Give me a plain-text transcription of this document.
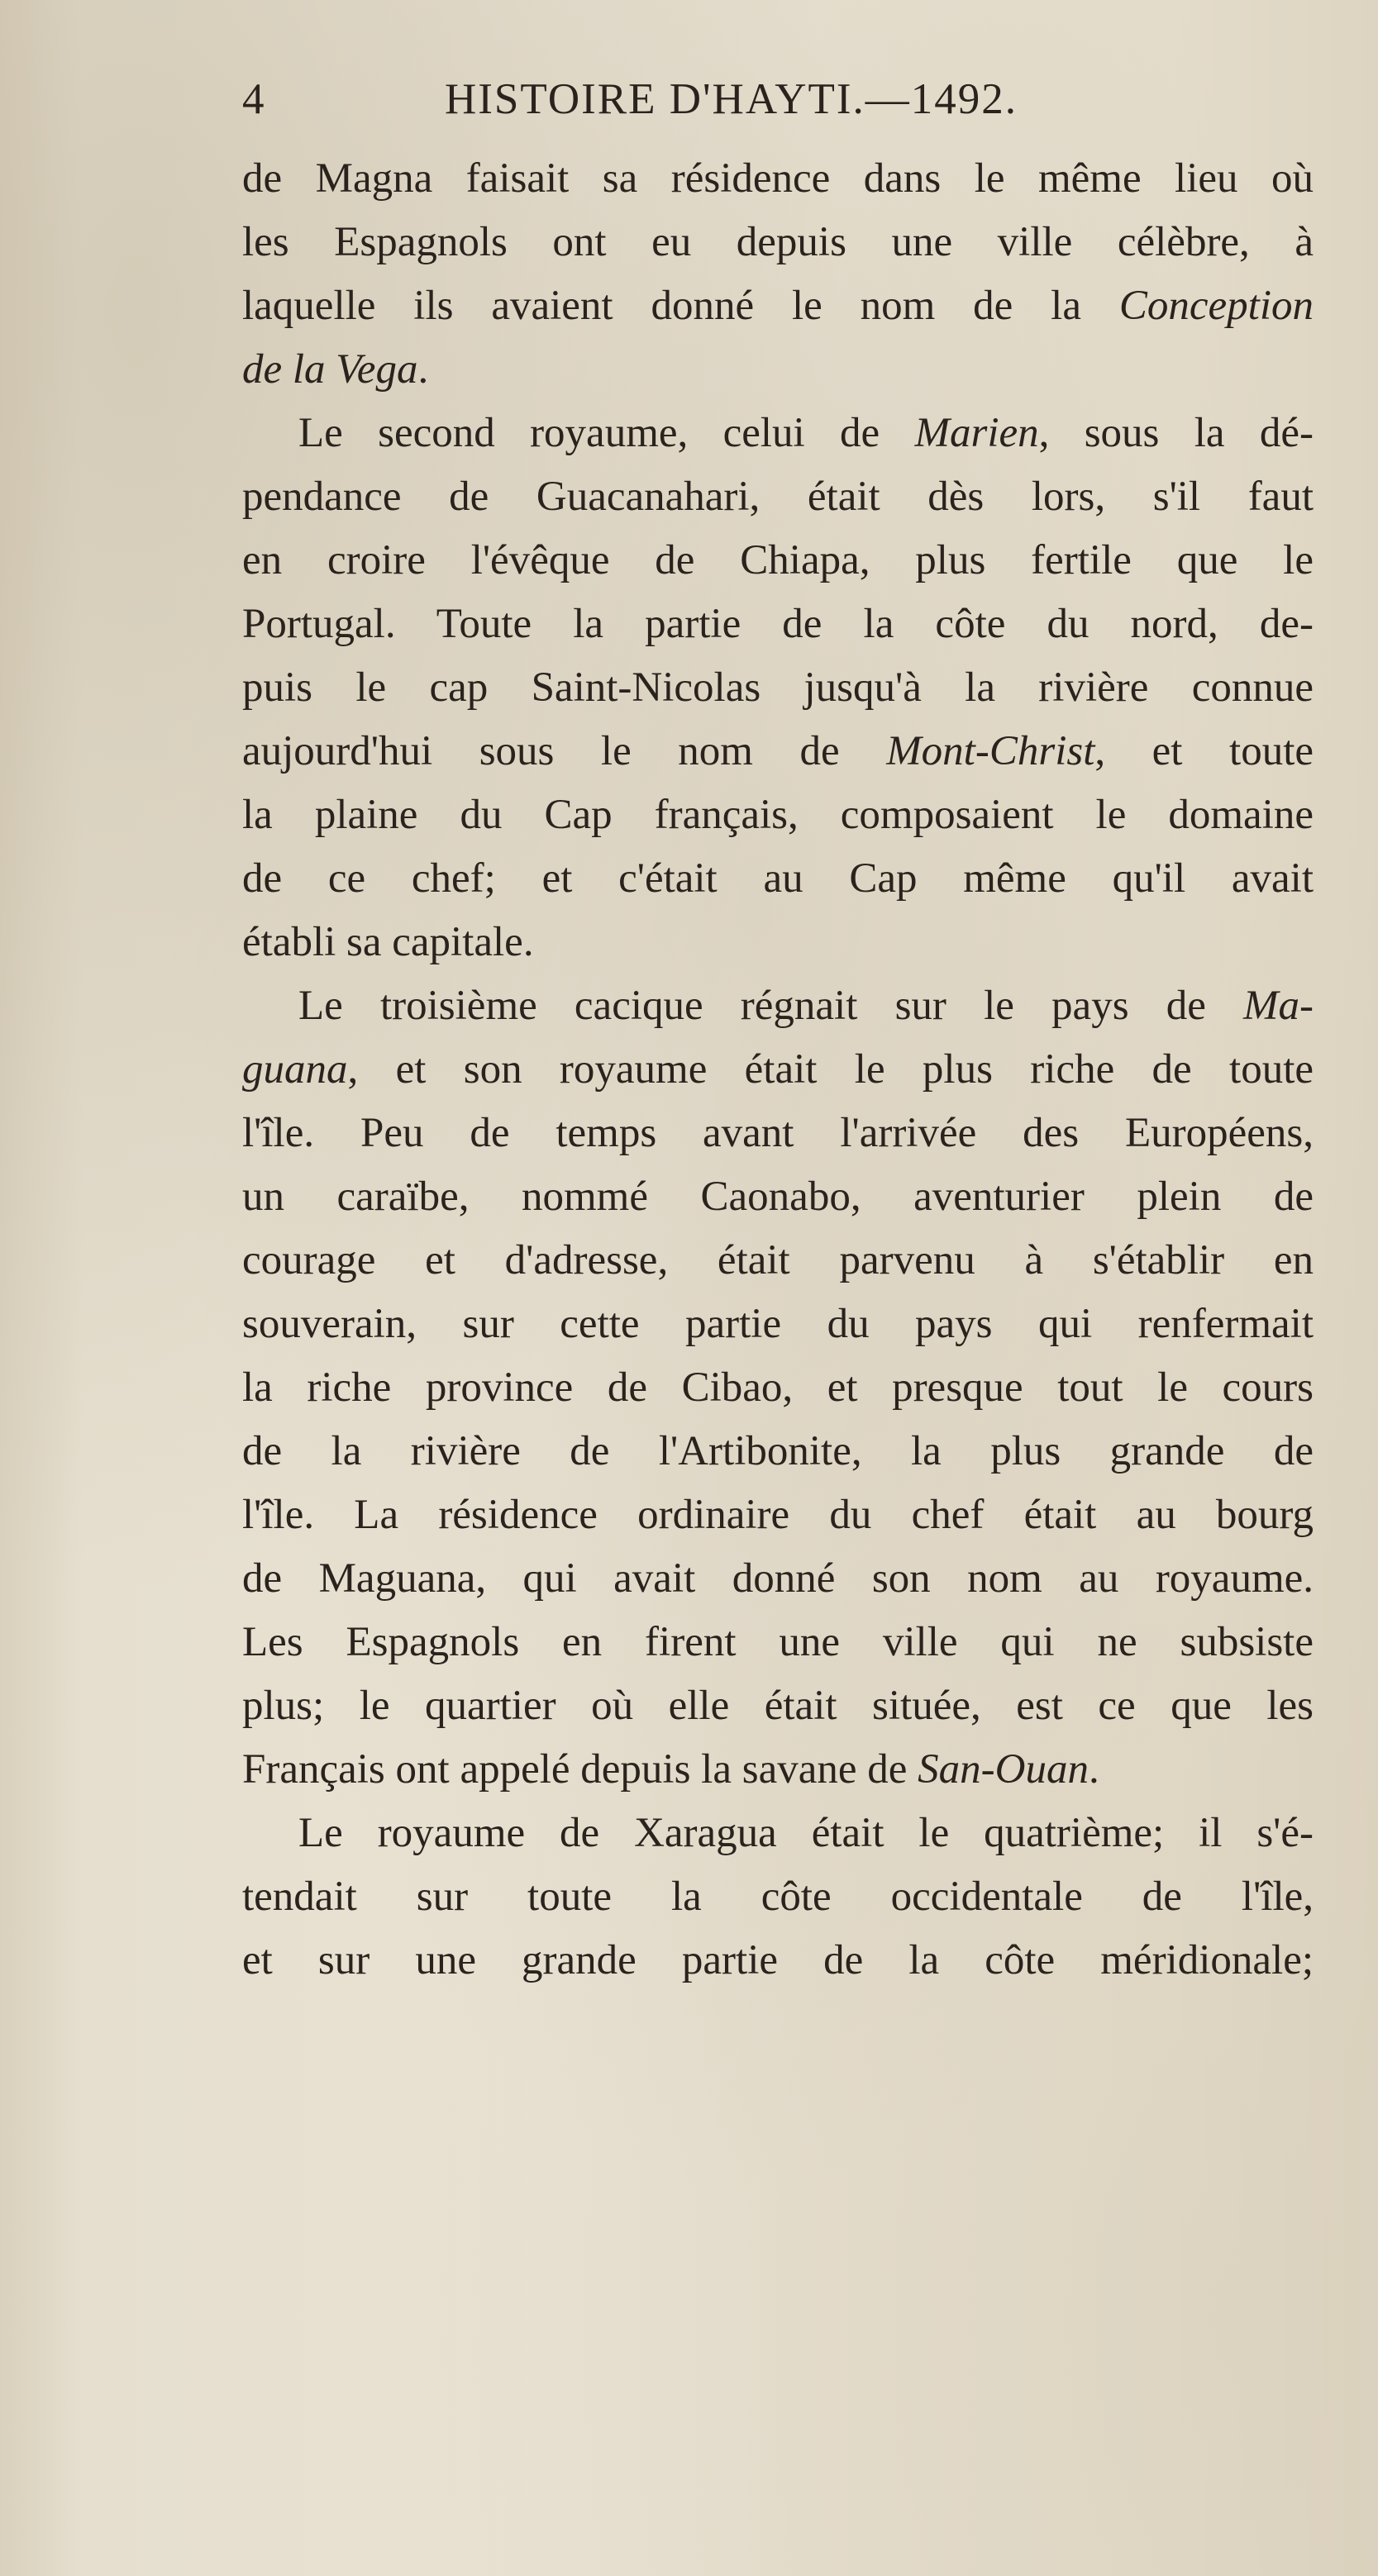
4	HISTOIRE D'HAYTI.—1492.
de Magna faisait sa résidence dans le même lieu où
les Espagnols ont eu depuis une ville célèbre, à
laquelle ils avaient donné le nom de la Conception
de la Vega.
Le second royaume, celui de Marien, sous la dé-
pendance de Guacanahari, était dès lors, s'il faut
en croire l'évêque de Chiapa, plus fertile que le
Portugal. Toute la partie de la côte du nord, de-
puis le cap Saint-Nicolas jusqu'à la rivière connue
aujourd'hui sous le nom de Mont-Christ, et toute
la plaine du Cap français, composaient le domaine
de ce chef; et c'était au Cap même qu'il avait
établi sa capitale.
Le troisième cacique régnait sur le pays de Ma-
guana, et son royaume était le plus riche de toute
l'île. Peu de temps avant l'arrivée des Européens,
un caraïbe, nommé Caonabo, aventurier plein de
courage et d'adresse, était parvenu à s'établir en
souverain, sur cette partie du pays qui renfermait
la riche province de Cibao, et presque tout le cours
de la rivière de l'Artibonite, la plus grande de
l'île. La résidence ordinaire du chef était au bourg
de Maguana, qui avait donné son nom au royaume.
Les Espagnols en firent une ville qui ne subsiste
plus; le quartier où elle était située, est ce que les
Français ont appelé depuis la savane de San-Ouan.
Le royaume de Xaragua était le quatrième; il s'é-
tendait sur toute la côte occidentale de l'île,
et sur une grande partie de la côte méridionale;
